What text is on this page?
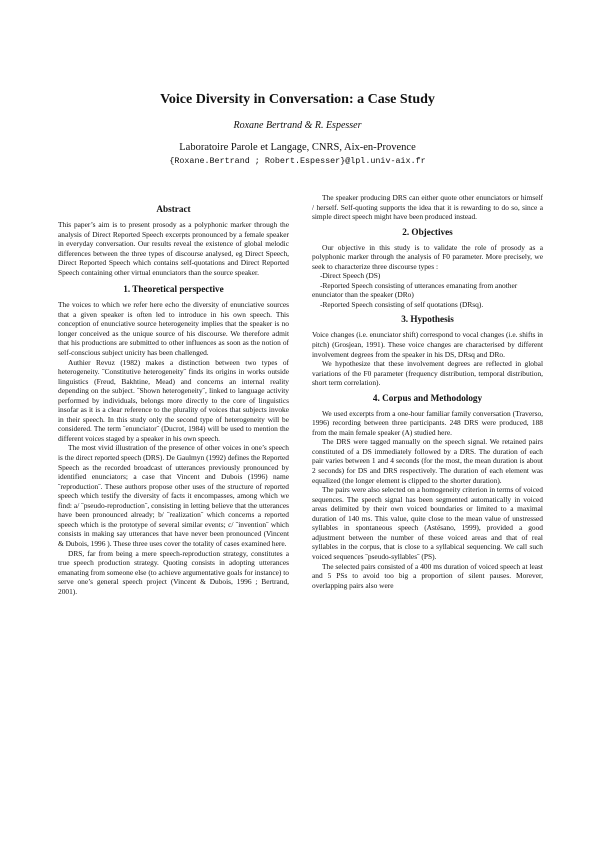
Voice Diversity in Conversation: a Case Study
Roxane Bertrand & R. Espesser
Laboratoire Parole et Langage, CNRS, Aix-en-Provence
{Roxane.Bertrand ; Robert.Espesser}@lpl.univ-aix.fr
Abstract

This paper’s aim is to present prosody as a polyphonic marker through the analysis of Direct Reported Speech excerpts pronounced by a female speaker in everyday conversation. Our results reveal the existence of global melodic differences between the three types of discourse analysed, eg Direct Speech, Direct Reported Speech which contains self-quotations and Direct Reported Speech containing other virtual enunciators than the source speaker.

1. Theoretical perspective

The voices to which we refer here echo the diversity of enunciative sources that a given speaker is often led to introduce in his own speech. This conception of enunciative source heterogeneity implies that the speaker is no longer conceived as the unique source of his discourse. We therefore admit that his productions are submitted to other influences as soon as the notion of self-conscious subject unicity has been challenged.

Authier Revuz (1982) makes a distinction between two types of heterogeneity. ˝Constitutive heterogeneity˝ finds its origins in works outside linguistics (Freud, Bakhtine, Mead) and concerns an internal reality depending on the subject. ˝Shown heterogeneity˝, linked to language activity performed by individuals, belongs more directly to the core of linguistics insofar as it is a clear reference to the plurality of voices that subjects invoke in their speech. In this study only the second type of heterogeneity will be considered. The term ˝enunciator˝ (Ducrot, 1984) will be used to mention the different voices staged by a speaker in his own speech.

The most vivid illustration of the presence of other voices in one’s speech is the direct reported speech (DRS). De Gaulmyn (1992) defines the Reported Speech as the recorded broadcast of utterances previously pronounced by identified enunciators; a case that Vincent and Dubois (1996) name ˝reproduction˝. These authors propose other uses of the structure of reported speech which testify the diversity of facts it encompasses, among which we find: a/ ˝pseudo-reproduction˝, consisting in letting believe that the utterances have been pronounced already; b/ ˝realization˝ which concerns a reported speech which is the prototype of several similar events; c/ ˝invention˝ which consists in making say utterances that have never been pronounced (Vincent & Dubois, 1996 ). These three uses cover the totality of cases examined here.

DRS, far from being a mere speech-reproduction strategy, constitutes a true speech production strategy. Quoting consists in adopting utterances emanating from someone else (to achieve argumentative goals for instance) to serve one’s general speech project (Vincent & Dubois, 1996 ; Bertrand, 2001).

The speaker producing DRS can either quote other enunciators or himself / herself. Self-quoting supports the idea that it is rewarding to do so, since a simple direct speech might have been produced instead.

2. Objectives

Our objective in this study is to validate the role of prosody as a polyphonic marker through the analysis of F0 parameter. More precisely, we seek to characterize three discourse types :

-Direct Speech (DS)

-Reported Speech consisting of utterances emanating from another enunciator than the speaker (DRo)

-Reported Speech consisting of self quotations (DRsq).

3. Hypothesis

Voice changes (i.e. enunciator shift) correspond to vocal changes (i.e. shifts in pitch) (Grosjean, 1991). These voice changes are characterised by different involvement degrees from the speaker in his DS, DRsq and DRo.

We hypothesize that these involvement degrees are reflected in global variations of the F0 parameter (frequency distribution, temporal distribution, short term correlation).

4. Corpus and Methodology

We used excerpts from a one-hour familiar family conversation (Traverso, 1996) recording between three participants. 248 DRS were produced, 188 from the main female speaker (A) studied here.

The DRS were tagged manually on the speech signal. We retained pairs constituted of a DS immediately followed by a DRS. The duration of each pair varies between 1 and 4 seconds (for the most, the mean duration is about 2 seconds) for DS and DRS respectively. The duration of each element was equalized (the longer element is clipped to the shorter duration).

The pairs were also selected on a homogeneity criterion in terms of voiced sequences. The speech signal has been segmented automatically in voiced areas delimited by their own voiced boundaries or limited to a maximal duration of 140 ms. This value, quite close to the mean value of unstressed syllables in spontaneous speech (Astésano, 1999), provided a good adjustment between the number of these voiced areas and that of real syllables in the corpus, that is close to a syllabical sequencing. We call such voiced sequences ˝pseudo-syllables˝ (PS).

The selected pairs consisted of a 400 ms duration of voiced speech at least and 5 PSs to avoid too big a proportion of silent pauses. Morever, overlapping pairs also were
